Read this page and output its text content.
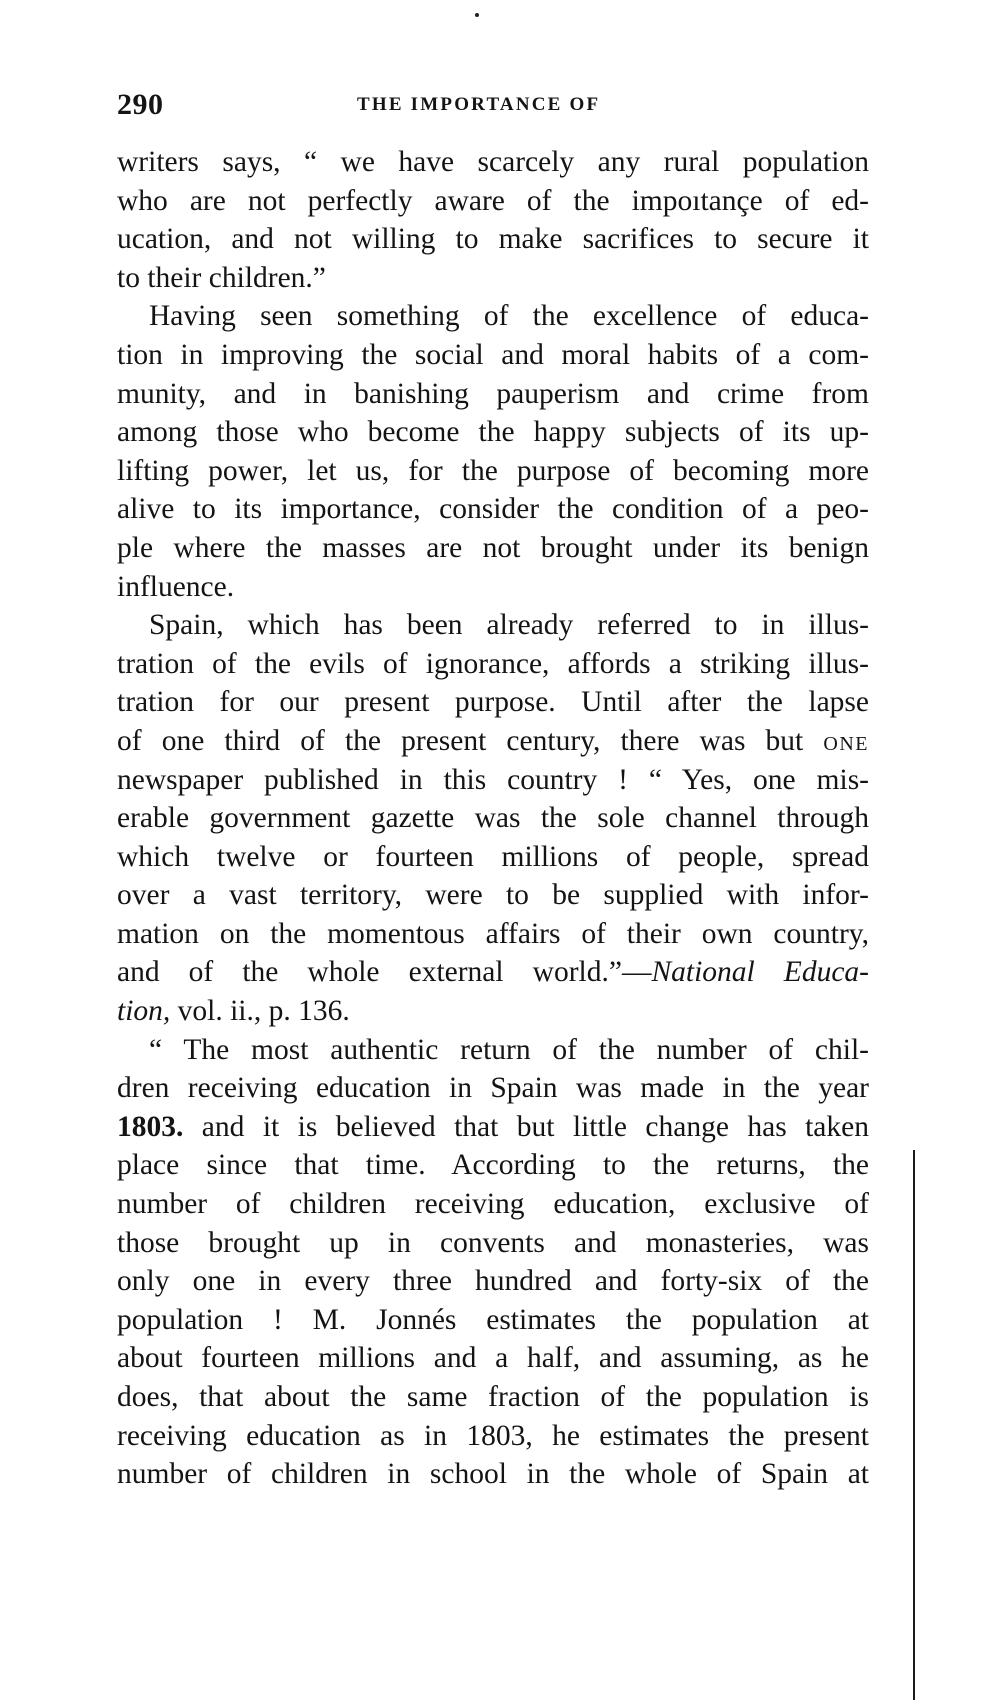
290	THE IMPORTANCE OF
writers says, “ we have scarcely any rural population
who are not perfectly aware of the impoıtançe of ed-
ucation, and not willing to make sacrifices to secure it
to their children.”
Having seen something of the excellence of educa-
tion in improving the social and moral habits of a com-
munity, and in banishing pauperism and crime from
among those who become the happy subjects of its up-
lifting power, let us, for the purpose of becoming more
alive to its importance, consider the condition of a peo-
ple where the masses are not brought under its benign
influence.
Spain, which has been already referred to in illus-
tration of the evils of ignorance, affords a striking illus-
tration for our present purpose. Until after the lapse
of one third of the present century, there was but ONE
newspaper published in this country ! “ Yes, one mis-
erable government gazette was the sole channel through
which twelve or fourteen millions of people, spread
over a vast territory, were to be supplied with infor-
mation on the momentous affairs of their own country,
and of the whole external world.”—National Educa-
tion, vol. ii., p. 136.
“ The most authentic return of the number of chil-
dren receiving education in Spain was made in the year
1803. and it is believed that but little change has taken
place since that time. According to the returns, the
number of children receiving education, exclusive of
those brought up in convents and monasteries, was
only one in every three hundred and forty-six of the
population ! M. Jonnés estimates the population at
about fourteen millions and a half, and assuming, as he
does, that about the same fraction of the population is
receiving education as in 1803, he estimates the present
number of children in school in the whole of Spain at
